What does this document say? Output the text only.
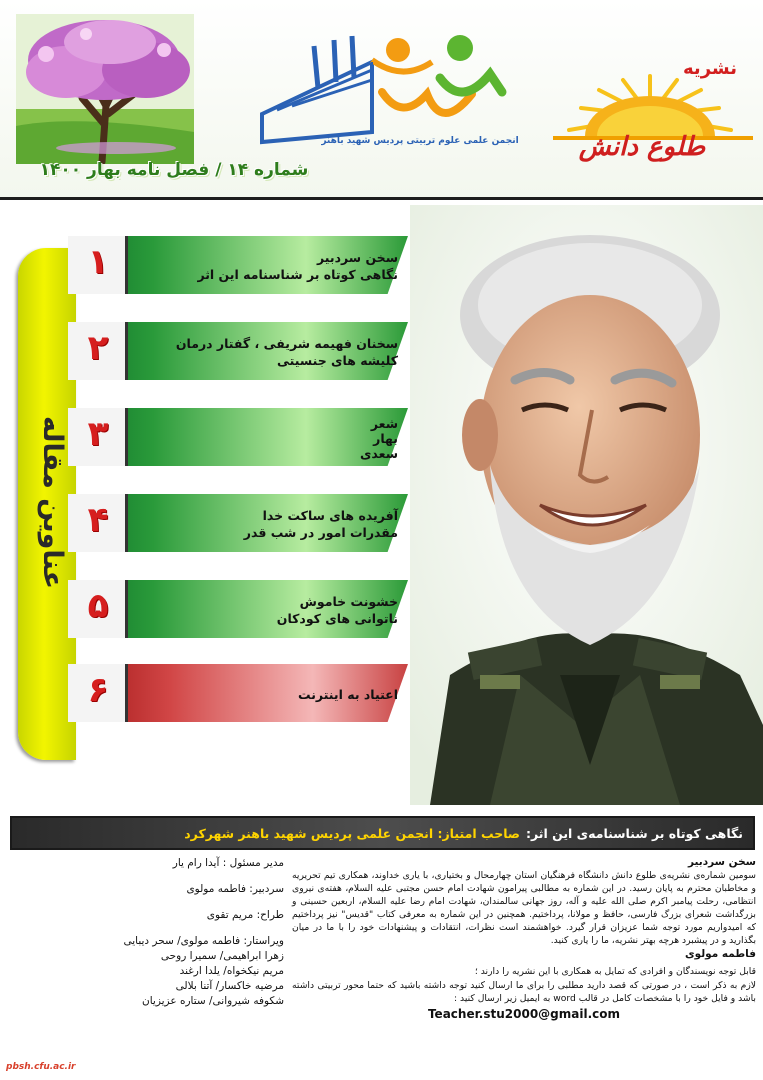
انجمن علمی علوم تربیتی پردیس شهید باهنر
شماره ۱۴ / فصل نامه بهار ۱۴۰۰
نشریه
طلوع دانش
عناوین مقاله
۱	سخن سردبیر
نگاهی کوتاه بر شناسنامه این اثر
۲	سخنان فهیمه شریفی ، گفتار درمان
کلیشه های جنسیتی
۳	شعر
بهار
سعدی
۴	آفریده های ساکت خدا
مقدرات امور در شب قدر
۵	خشونت خاموش
ناتوانی های کودکان
۶	اعتیاد به اینترنت
نگاهی کوتاه بر شناسنامه‌ی این اثر:
صاحب امتیاز: انجمن علمی پردیس شهید باهنر شهرکرد
مدیر مسئول : آیدا رام یار
سردبیر: فاطمه مولوی
طراح: مریم تقوی
ویراستار: فاطمه مولوی/ سحر دیبایی
زهرا ابراهیمی/ سمیرا روحی
مریم نیکخواه/ یلدا ارغند
مرضیه خاکسار/ آتنا بلالی
شکوفه شیروانی/ ستاره عزیزیان
سخن سردبیر

سومین شماره‌ی نشریه‌ی طلوع دانش دانشگاه فرهنگیان استان چهارمحال و بختیاری، با یاری خداوند، همکاری تیم تحریریه و مخاطبان محترم به پایان رسید. در این شماره به مطالبی پیرامون شهادت امام حسن مجتبی علیه السلام، هفته‌ی نیروی انتظامی، رحلت پیامبر اکرم صلی الله علیه و آله، روز جهانی سالمندان، شهادت امام رضا علیه السلام، اربعین حسینی و بزرگداشت شعرای بزرگ فارسی، حافظ و مولانا، پرداختیم. همچنین در این شماره به معرفی کتاب "قدیس" نیز پرداختیم که امیدواریم مورد توجه شما عزیزان قرار گیرد. خواهشمند است نظرات، انتقادات و پیشنهادات خود را با ما در میان بگذارید و در پیشبرد هرچه بهتر نشریه، ما را یاری کنید.

فاطمه مولوی

قابل توجه نویسندگان و افرادی که تمایل به همکاری با این نشریه را دارند ؛

لازم به ذکر است ، در صورتی که قصد دارید مطلبی را برای ما ارسال کنید توجه داشته باشید که حتما محور تربیتی داشته باشد و فایل خود را با مشخصات کامل در قالب word به ایمیل زیر ارسال کنید :

Teacher.stu2000@gmail.com
pbsh.cfu.ac.ir
